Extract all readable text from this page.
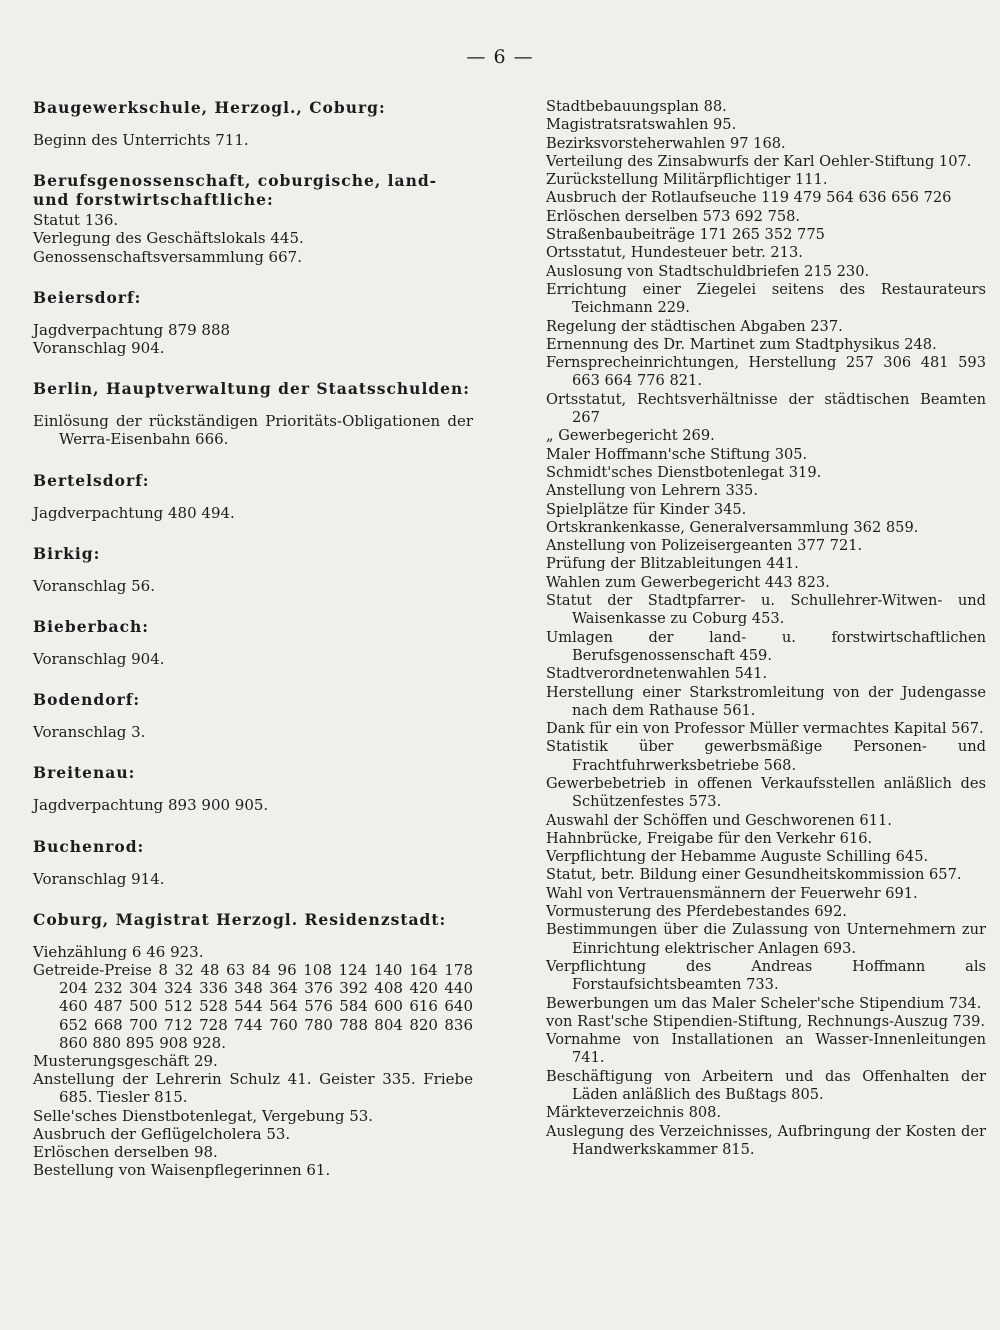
— 6 —
Baugewerkschule, Herzogl., Coburg:
Beginn des Unterrichts 711.
Berufsgenossenschaft, coburgische, land- und forstwirtschaftliche:
Statut 136.
Verlegung des Geschäftslokals 445.
Genossenschaftsversammlung 667.
Beiersdorf:
Jagdverpachtung 879 888
Voranschlag 904.
Berlin, Hauptverwaltung der Staatsschulden:
Einlösung der rückständigen Prioritäts-Obligationen der Werra-Eisenbahn 666.
Bertelsdorf:
Jagdverpachtung 480 494.
Birkig:
Voranschlag 56.
Bieberbach:
Voranschlag 904.
Bodendorf:
Voranschlag 3.
Breitenau:
Jagdverpachtung 893 900 905.
Buchenrod:
Voranschlag 914.
Coburg, Magistrat Herzogl. Residenzstadt:
Viehzählung 6 46 923.
Getreide-Preise 8 32 48 63 84 96 108 124 140 164 178 204 232 304 324 336 348 364 376 392 408 420 440 460 487 500 512 528 544 564 576 584 600 616 640 652 668 700 712 728 744 760 780 788 804 820 836 860 880 895 908 928.
Musterungsgeschäft 29.
Anstellung der Lehrerin Schulz 41. Geister 335. Friebe 685. Tiesler 815.
Selle'sches Dienstbotenlegat, Vergebung 53.
Ausbruch der Geflügelcholera 53.
Erlöschen derselben 98.
Bestellung von Waisenpflegerinnen 61.
Stadtbebauungsplan 88.
Magistratsratswahlen 95.
Bezirksvorsteherwahlen 97 168.
Verteilung des Zinsabwurfs der Karl Oehler-Stiftung 107.
Zurückstellung Militärpflichtiger 111.
Ausbruch der Rotlaufseuche 119 479 564 636 656 726
Erlöschen derselben 573 692 758.
Straßenbaubeiträge 171 265 352 775
Ortsstatut, Hundesteuer betr. 213.
Auslosung von Stadtschuldbriefen 215 230.
Errichtung einer Ziegelei seitens des Restaurateurs Teichmann 229.
Regelung der städtischen Abgaben 237.
Ernennung des Dr. Martinet zum Stadtphysikus 248.
Fernsprecheinrichtungen, Herstellung 257 306 481 593 663 664 776 821.
Ortsstatut, Rechtsverhältnisse der städtischen Beamten 267
„ Gewerbegericht 269.
Maler Hoffmann'sche Stiftung 305.
Schmidt'sches Dienstbotenlegat 319.
Anstellung von Lehrern 335.
Spielplätze für Kinder 345.
Ortskrankenkasse, Generalversammlung 362 859.
Anstellung von Polizeisergeanten 377 721.
Prüfung der Blitzableitungen 441.
Wahlen zum Gewerbegericht 443 823.
Statut der Stadtpfarrer- u. Schullehrer-Witwen- und Waisenkasse zu Coburg 453.
Umlagen der land- u. forstwirtschaftlichen Berufsgenossenschaft 459.
Stadtverordnetenwahlen 541.
Herstellung einer Starkstromleitung von der Judengasse nach dem Rathause 561.
Dank für ein von Professor Müller vermachtes Kapital 567.
Statistik über gewerbsmäßige Personen- und Frachtfuhrwerksbetriebe 568.
Gewerbebetrieb in offenen Verkaufsstellen anläßlich des Schützenfestes 573.
Auswahl der Schöffen und Geschworenen 611.
Hahnbrücke, Freigabe für den Verkehr 616.
Verpflichtung der Hebamme Auguste Schilling 645.
Statut, betr. Bildung einer Gesundheitskommission 657.
Wahl von Vertrauensmännern der Feuerwehr 691.
Vormusterung des Pferdebestandes 692.
Bestimmungen über die Zulassung von Unternehmern zur Einrichtung elektrischer Anlagen 693.
Verpflichtung des Andreas Hoffmann als Forstaufsichtsbeamten 733.
Bewerbungen um das Maler Scheler'sche Stipendium 734.
von Rast'sche Stipendien-Stiftung, Rechnungs-Auszug 739.
Vornahme von Installationen an Wasser-Innenleitungen 741.
Beschäftigung von Arbeitern und das Offenhalten der Läden anläßlich des Bußtags 805.
Märkteverzeichnis 808.
Auslegung des Verzeichnisses, Aufbringung der Kosten der Handwerkskammer 815.
